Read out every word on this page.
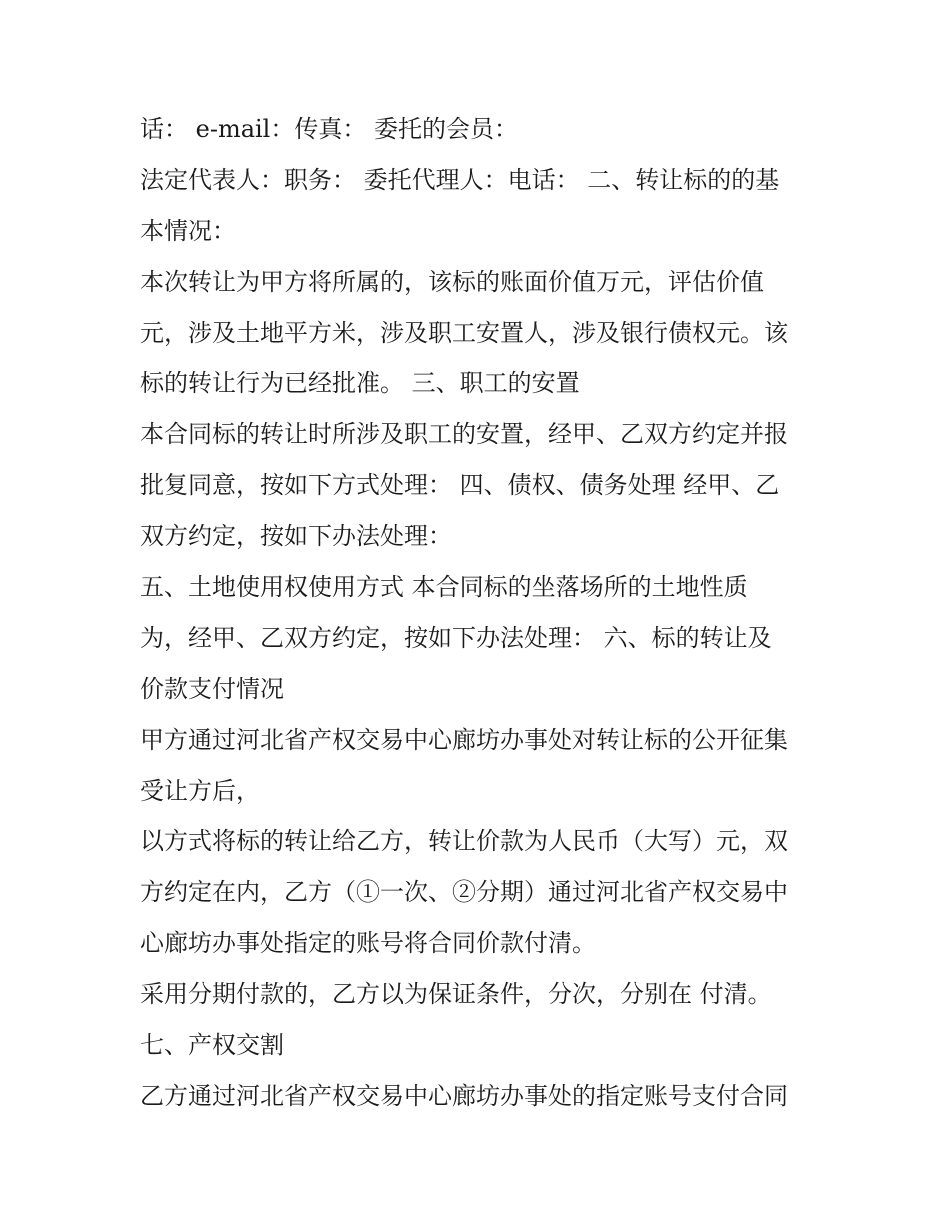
话： e-mail：传真： 委托的会员：
法定代表人：职务： 委托代理人：电话： 二、转让标的的基
本情况：
本次转让为甲方将所属的，该标的账面价值万元，评估价值
元，涉及土地平方米，涉及职工安置人，涉及银行债权元。该
标的转让行为已经批准。 三、职工的安置
本合同标的转让时所涉及职工的安置，经甲、乙双方约定并报
批复同意，按如下方式处理： 四、债权、债务处理 经甲、乙
双方约定，按如下办法处理：
五、土地使用权使用方式 本合同标的坐落场所的土地性质
为，经甲、乙双方约定，按如下办法处理： 六、标的转让及
价款支付情况
甲方通过河北省产权交易中心廊坊办事处对转让标的公开征集
受让方后，
以方式将标的转让给乙方，转让价款为人民币（大写）元，双
方约定在内，乙方（①一次、②分期）通过河北省产权交易中
心廊坊办事处指定的账号将合同价款付清。
采用分期付款的，乙方以为保证条件，分次，分别在 付清。
七、产权交割
乙方通过河北省产权交易中心廊坊办事处的指定账号支付合同
